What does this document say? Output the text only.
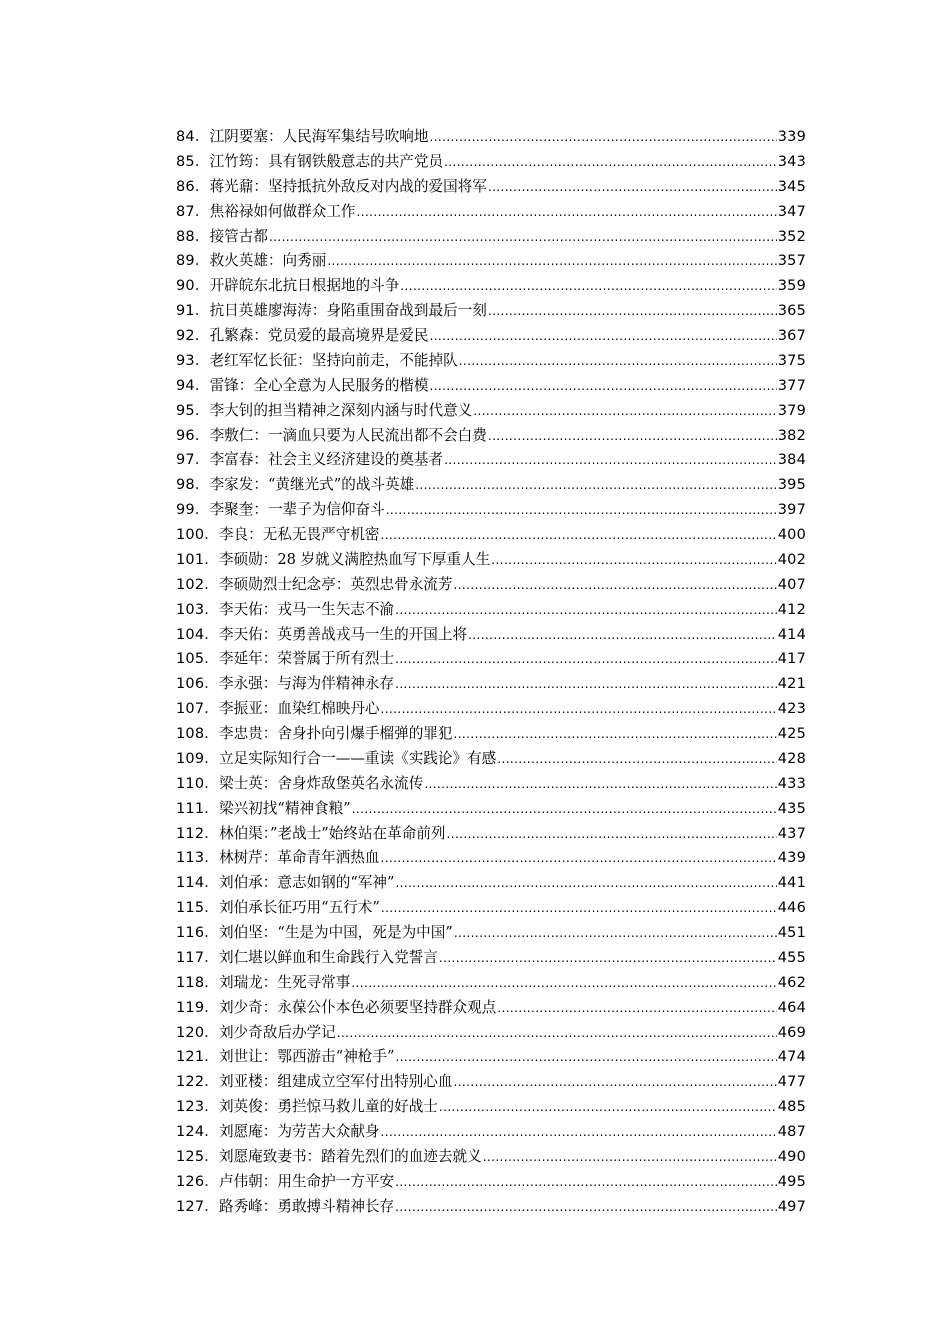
84． 江阴要塞：人民海军集结号吹响地 .....	339
85． 江竹筠：具有钢铁般意志的共产党员 .....	343
86． 蒋光鼐：坚持抵抗外敌反对内战的爱国将军 .....	345
87． 焦裕禄如何做群众工作 .....	347
88． 接管古都 .....	352
89． 救火英雄：向秀丽 .....	357
90． 开辟皖东北抗日根据地的斗争 .....	359
91． 抗日英雄廖海涛：身陷重围奋战到最后一刻 .....	365
92． 孔繁森：党员爱的最高境界是爱民 .....	367
93． 老红军忆长征：坚持向前走，不能掉队 .....	375
94． 雷锋：全心全意为人民服务的楷模 .....	377
95． 李大钊的担当精神之深刻内涵与时代意义 .....	379
96． 李敷仁：一滴血只要为人民流出都不会白费 .....	382
97． 李富春：社会主义经济建设的奠基者 .....	384
98． 李家发：“黄继光式”的战斗英雄 .....	395
99． 李聚奎：一辈子为信仰奋斗 .....	397
100． 李良：无私无畏严守机密 .....	400
101． 李硕勋：28 岁就义满腔热血写下厚重人生 .....	402
102． 李硕勋烈士纪念亭：英烈忠骨永流芳 .....	407
103． 李天佑：戎马一生矢志不渝 .....	412
104． 李天佑：英勇善战戎马一生的开国上将 .....	414
105． 李延年：荣誉属于所有烈士 .....	417
106． 李永强：与海为伴精神永存 .....	421
107． 李振亚：血染红棉映丹心 .....	423
108． 李忠贵：舍身扑向引爆手榴弹的罪犯 .....	425
109． 立足实际知行合一——重读《实践论》有感 .....	428
110． 梁士英：舍身炸敌堡英名永流传 .....	433
111． 梁兴初找“精神食粮” .....	435
112． 林伯渠：”老战士”始终站在革命前列 .....	437
113． 林树芹：革命青年洒热血 .....	439
114． 刘伯承：意志如钢的“军神” .....	441
115． 刘伯承长征巧用“五行术” .....	446
116． 刘伯坚：“生是为中国，死是为中国” .....	451
117． 刘仁堪以鲜血和生命践行入党誓言 .....	455
118． 刘瑞龙：生死寻常事 .....	462
119． 刘少奇：永葆公仆本色必须要坚持群众观点 .....	464
120． 刘少奇敌后办学记 .....	469
121． 刘世让：鄂西游击“神枪手” .....	474
122． 刘亚楼：组建成立空军付出特别心血 .....	477
123． 刘英俊：勇拦惊马救儿童的好战士 .....	485
124． 刘愿庵：为劳苦大众献身 .....	487
125． 刘愿庵致妻书：踏着先烈们的血迹去就义 .....	490
126． 卢伟朝：用生命护一方平安 .....	495
127． 路秀峰：勇敢搏斗精神长存 .....	497
